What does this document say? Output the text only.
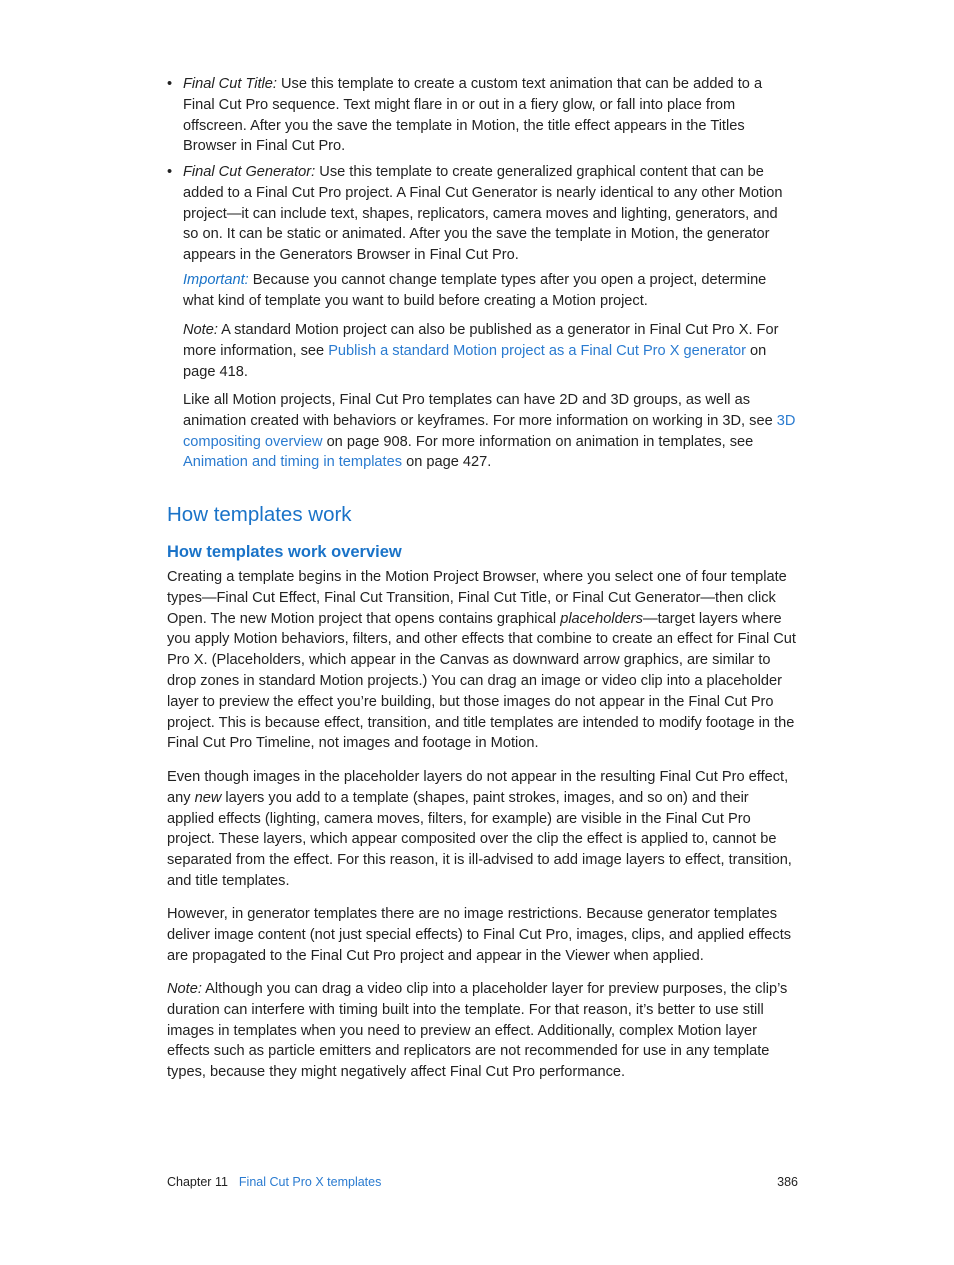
• Final Cut Title: Use this template to create a custom text animation that can be added to a Final Cut Pro sequence. Text might flare in or out in a fiery glow, or fall into place from offscreen. After you the save the template in Motion, the title effect appears in the Titles Browser in Final Cut Pro.
• Final Cut Generator: Use this template to create generalized graphical content that can be added to a Final Cut Pro project. A Final Cut Generator is nearly identical to any other Motion project—it can include text, shapes, replicators, camera moves and lighting, generators, and so on. It can be static or animated. After you the save the template in Motion, the generator appears in the Generators Browser in Final Cut Pro.
Important: Because you cannot change template types after you open a project, determine what kind of template you want to build before creating a Motion project.
Note: A standard Motion project can also be published as a generator in Final Cut Pro X. For more information, see Publish a standard Motion project as a Final Cut Pro X generator on page 418.
Like all Motion projects, Final Cut Pro templates can have 2D and 3D groups, as well as animation created with behaviors or keyframes. For more information on working in 3D, see 3D compositing overview on page 908. For more information on animation in templates, see Animation and timing in templates on page 427.
How templates work
How templates work overview
Creating a template begins in the Motion Project Browser, where you select one of four template types—Final Cut Effect, Final Cut Transition, Final Cut Title, or Final Cut Generator—then click Open. The new Motion project that opens contains graphical placeholders—target layers where you apply Motion behaviors, filters, and other effects that combine to create an effect for Final Cut Pro X. (Placeholders, which appear in the Canvas as downward arrow graphics, are similar to drop zones in standard Motion projects.) You can drag an image or video clip into a placeholder layer to preview the effect you’re building, but those images do not appear in the Final Cut Pro project. This is because effect, transition, and title templates are intended to modify footage in the Final Cut Pro Timeline, not images and footage in Motion.
Even though images in the placeholder layers do not appear in the resulting Final Cut Pro effect, any new layers you add to a template (shapes, paint strokes, images, and so on) and their applied effects (lighting, camera moves, filters, for example) are visible in the Final Cut Pro project. These layers, which appear composited over the clip the effect is applied to, cannot be separated from the effect. For this reason, it is ill-advised to add image layers to effect, transition, and title templates.
However, in generator templates there are no image restrictions. Because generator templates deliver image content (not just special effects) to Final Cut Pro, images, clips, and applied effects are propagated to the Final Cut Pro project and appear in the Viewer when applied.
Note: Although you can drag a video clip into a placeholder layer for preview purposes, the clip’s duration can interfere with timing built into the template. For that reason, it’s better to use still images in templates when you need to preview an effect. Additionally, complex Motion layer effects such as particle emitters and replicators are not recommended for use in any template types, because they might negatively affect Final Cut Pro performance.
Chapter 11 Final Cut Pro X templates	386
